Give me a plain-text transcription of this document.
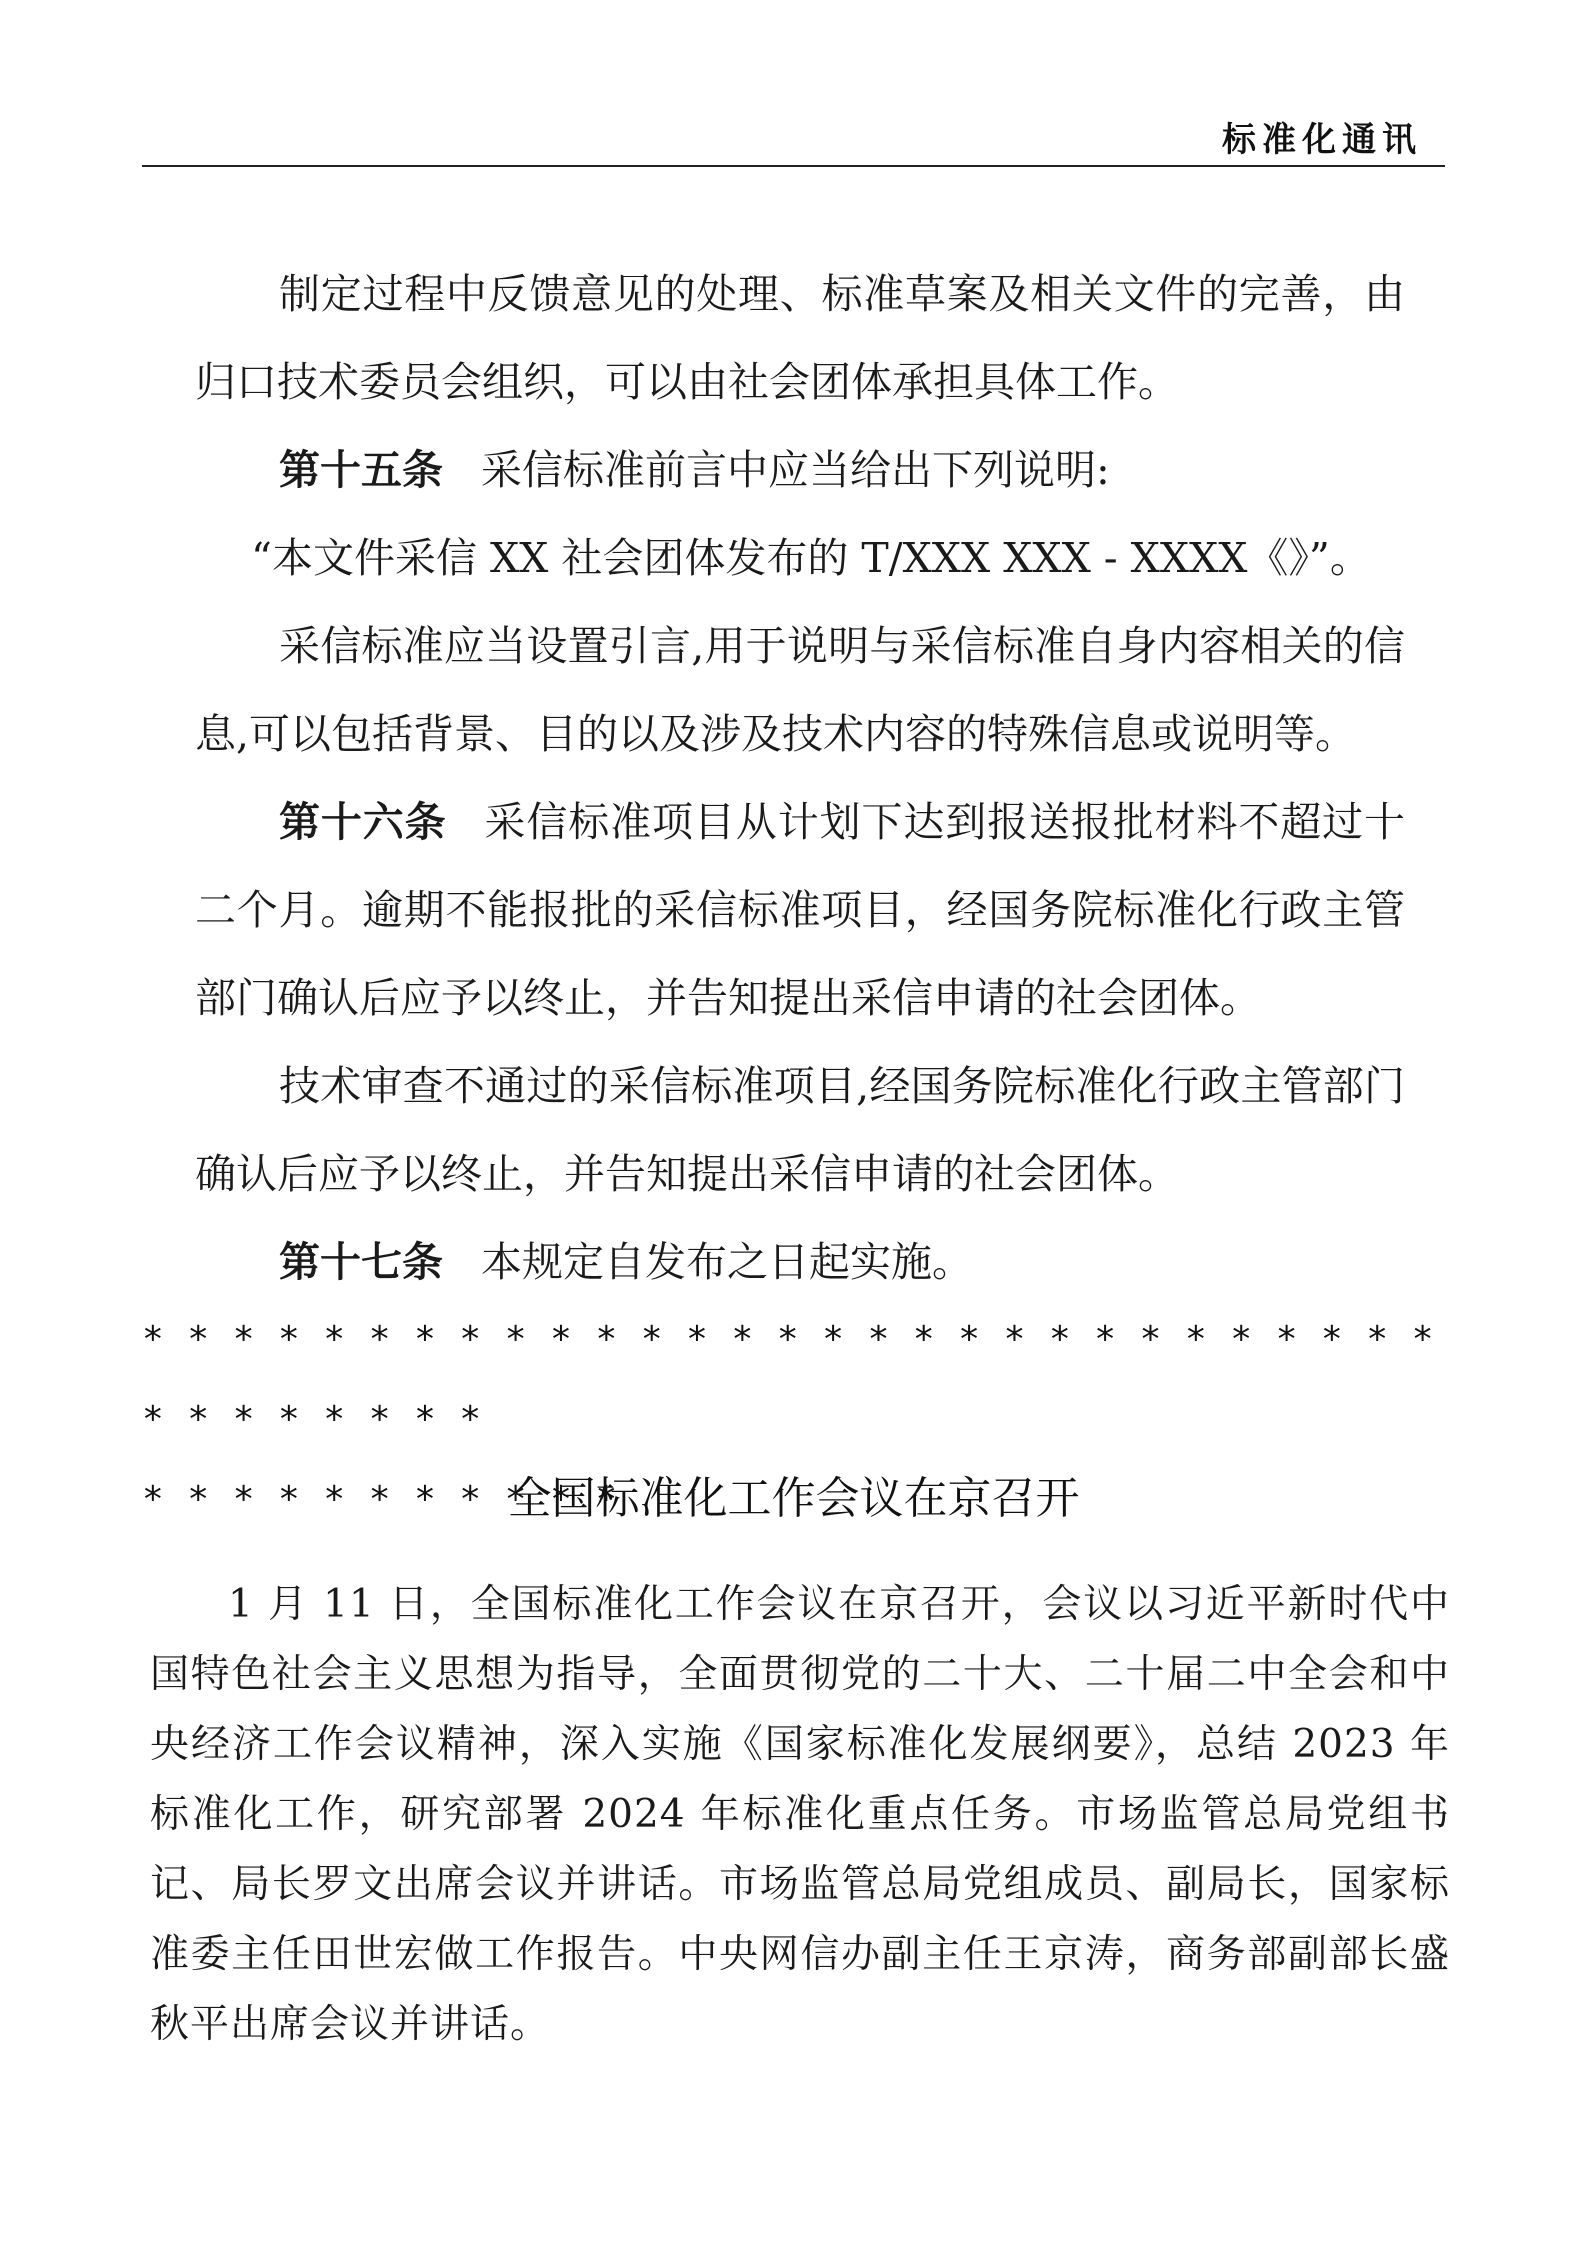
标准化通讯

制定过程中反馈意见的处理、标准草案及相关文件的完善，由归口技术委员会组织，可以由社会团体承担具体工作。

第十五条 采信标准前言中应当给出下列说明:

“本文件采信 XX 社会团体发布的 T/XXX XXX - XXXX《》”。

采信标准应当设置引言,用于说明与采信标准自身内容相关的信息,可以包括背景、目的以及涉及技术内容的特殊信息或说明等。

第十六条 采信标准项目从计划下达到报送报批材料不超过十二个月。逾期不能报批的采信标准项目，经国务院标准化行政主管部门确认后应予以终止，并告知提出采信申请的社会团体。

技术审查不通过的采信标准项目,经国务院标准化行政主管部门确认后应予以终止，并告知提出采信申请的社会团体。

第十七条 本规定自发布之日起实施。

* * * * * * * * * * * * * * * * * * * * * * * * * * * * * * * * * * * * *
* * * * * * * * * * *
全国标准化工作会议在京召开

1 月 11 日，全国标准化工作会议在京召开，会议以习近平新时代中国特色社会主义思想为指导，全面贯彻党的二十大、二十届二中全会和中央经济工作会议精神，深入实施《国家标准化发展纲要》，总结 2023 年标准化工作，研究部署 2024 年标准化重点任务。市场监管总局党组书记、局长罗文出席会议并讲话。市场监管总局党组成员、副局长，国家标准委主任田世宏做工作报告。中央网信办副主任王京涛，商务部副部长盛秋平出席会议并讲话。
